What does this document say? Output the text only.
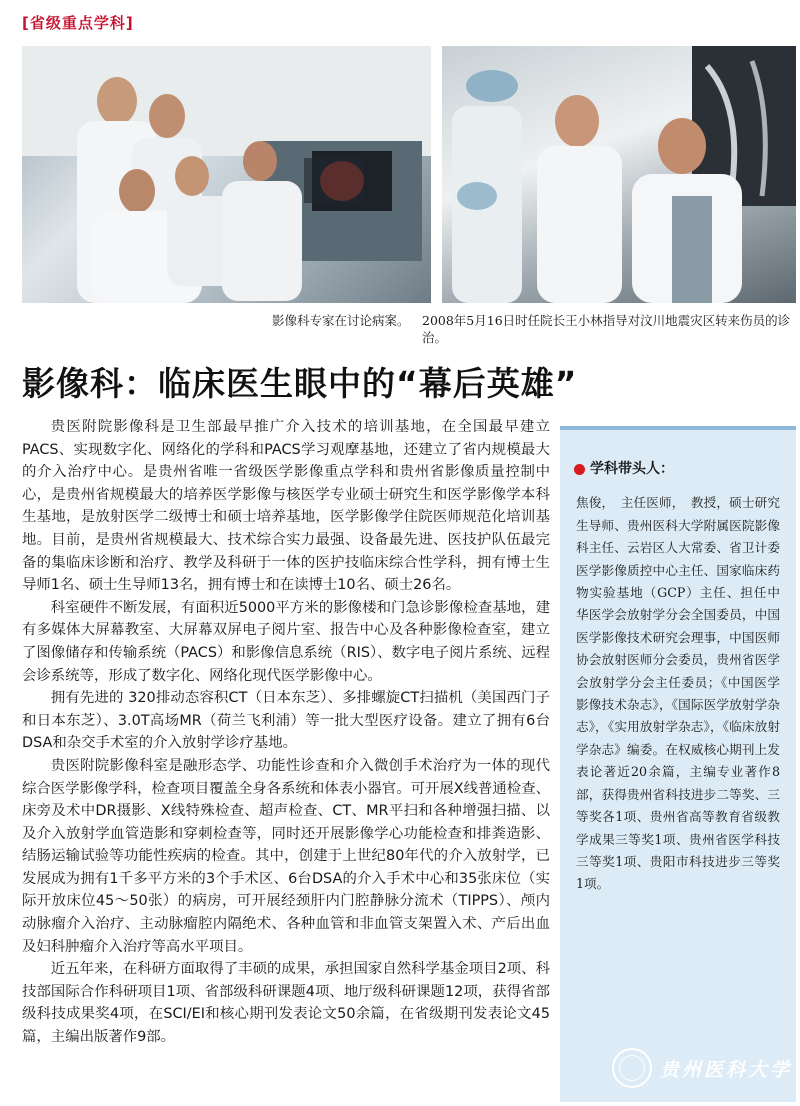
[省级重点学科]
影像科专家在讨论病案。 2008年5月16日时任院长王小林指导对汶川地震灾区转来伤员的诊治。
影像科：临床医生眼中的“幕后英雄”

贵医附院影像科是卫生部最早推广介入技术的培训基地，在全国最早建立PACS、实现数字化、网络化的学科和PACS学习观摩基地，还建立了省内规模最大的介入治疗中心。是贵州省唯一省级医学影像重点学科和贵州省影像质量控制中心，是贵州省规模最大的培养医学影像与核医学专业硕士研究生和医学影像学本科生基地，是放射医学二级博士和硕士培养基地，医学影像学住院医师规范化培训基地。目前，是贵州省规模最大、技术综合实力最强、设备最先进、医技护队伍最完备的集临床诊断和治疗、教学及科研于一体的医护技临床综合性学科，拥有博士生导师1名、硕士生导师13名，拥有博士和在读博士10名、硕士26名。

科室硬件不断发展，有面积近5000平方米的影像楼和门急诊影像检查基地，建有多媒体大屏幕教室、大屏幕双屏电子阅片室、报告中心及各种影像检查室，建立了图像储存和传输系统（PACS）和影像信息系统（RIS）、数字电子阅片系统、远程会诊系统等，形成了数字化、网络化现代医学影像中心。

拥有先进的 320排动态容积CT（日本东芝）、多排螺旋CT扫描机（美国西门子和日本东芝）、3.0T高场MR（荷兰飞利浦）等一批大型医疗设备。建立了拥有6台DSA和杂交手术室的介入放射学诊疗基地。

贵医附院影像科室是融形态学、功能性诊查和介入微创手术治疗为一体的现代综合医学影像学科，检查项目覆盖全身各系统和体表小器官。可开展X线普通检查、床旁及术中DR摄影、X线特殊检查、超声检查、CT、MR平扫和各种增强扫描、以及介入放射学血管造影和穿刺检查等，同时还开展影像学心功能检查和排粪造影、结肠运输试验等功能性疾病的检查。其中，创建于上世纪80年代的介入放射学，已发展成为拥有1千多平方米的3个手术区、6台DSA的介入手术中心和35张床位（实际开放床位45～50张）的病房，可开展经颈肝内门腔静脉分流术（TIPPS）、颅内动脉瘤介入治疗、主动脉瘤腔内隔绝术、各种血管和非血管支架置入术、产后出血及妇科肿瘤介入治疗等高水平项目。

近五年来，在科研方面取得了丰硕的成果，承担国家自然科学基金项目2项、科技部国际合作科研项目1项、省部级科研课题4项、地厅级科研课题12项，获得省部级科技成果奖4项，在SCI/EI和核心期刊发表论文50余篇，在省级期刊发表论文45篇，主编出版著作9部。

学科带头人：

焦俊，　主任医师，　教授，硕士研究生导师、贵州医科大学附属医院影像科主任、云岩区人大常委、省卫计委医学影像质控中心主任、国家临床药物实验基地（GCP）主任、担任中华医学会放射学分会全国委员，中国医学影像技术研究会理事，中国医师协会放射医师分会委员，贵州省医学会放射学分会主任委员；《中国医学影像技术杂志》，《国际医学放射学杂志》，《实用放射学杂志》，《临床放射学杂志》编委。在权威核心期刊上发表论著近20余篇，主编专业著作8部，获得贵州省科技进步二等奖、三等奖各1项、贵州省高等教育省级教学成果三等奖1项、贵州省医学科技三等奖1项、贵阳市科技进步三等奖1项。

贵州医科大学
